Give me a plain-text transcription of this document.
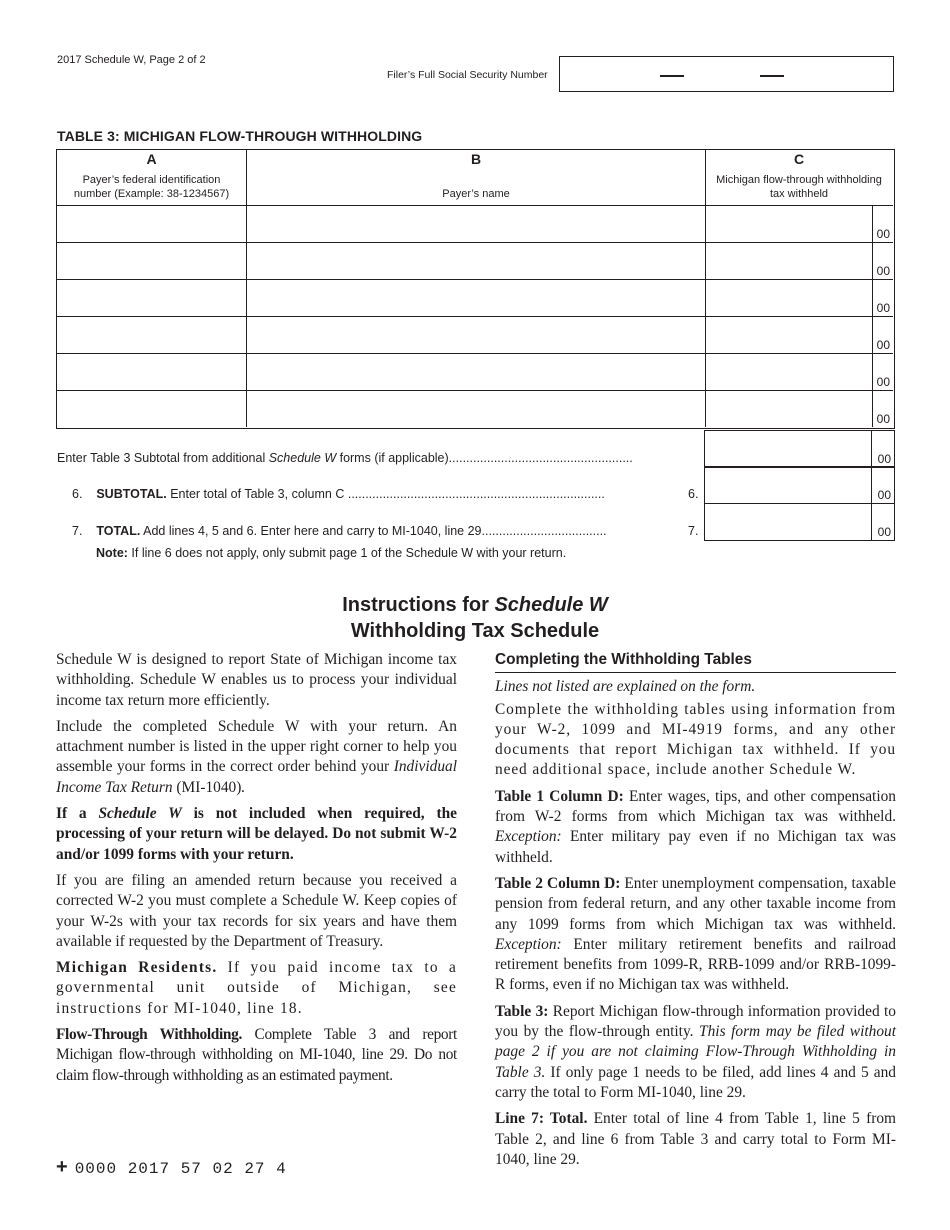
2017 Schedule W, Page 2 of 2
Filer’s Full Social Security Number
TABLE 3: MICHIGAN FLOW-THROUGH WITHHOLDING
A
Payer’s federal identification
number (Example: 38-1234567)
B
Payer’s name
C
Michigan flow-through withholding
tax withheld
00
00
00
00
00
00
00
00
00
Enter Table 3 Subtotal from additional Schedule W forms (if applicable).....................................................
6. SUBTOTAL. Enter total of Table 3, column C ..........................................................................	6.
7. TOTAL. Add lines 4, 5 and 6. Enter here and carry to MI-1040, line 29....................................	7.
Note: If line 6 does not apply, only submit page 1 of the Schedule W with your return.
Instructions for Schedule W
Withholding Tax Schedule

Schedule W is designed to report State of Michigan income tax withholding. Schedule W enables us to process your individual income tax return more efficiently.

Include the completed Schedule W with your return. An attachment number is listed in the upper right corner to help you assemble your forms in the correct order behind your Individual Income Tax Return (MI-1040).

If a Schedule W is not included when required, the processing of your return will be delayed. Do not submit W-2 and/or 1099 forms with your return.

If you are filing an amended return because you received a corrected W-2 you must complete a Schedule W. Keep copies of your W-2s with your tax records for six years and have them available if requested by the Department of Treasury.

Michigan Residents. If you paid income tax to a governmental unit outside of Michigan, see instructions for MI-1040, line 18.

Flow-Through Withholding. Complete Table 3 and report Michigan flow-through withholding on MI-1040, line 29. Do not claim flow-through withholding as an estimated payment.

Completing the Withholding Tables

Lines not listed are explained on the form.

Complete the withholding tables using information from your W-2, 1099 and MI-4919 forms, and any other documents that report Michigan tax withheld. If you need additional space, include another Schedule W.

Table 1 Column D: Enter wages, tips, and other compensation from W-2 forms from which Michigan tax was withheld. Exception: Enter military pay even if no Michigan tax was withheld.

Table 2 Column D: Enter unemployment compensation, taxable pension from federal return, and any other taxable income from any 1099 forms from which Michigan tax was withheld. Exception: Enter military retirement benefits and railroad retirement benefits from 1099-R, RRB-1099 and/or RRB-1099-R forms, even if no Michigan tax was withheld.

Table 3: Report Michigan flow-through information provided to you by the flow-through entity. This form may be filed without page 2 if you are not claiming Flow-Through Withholding in Table 3. If only page 1 needs to be filed, add lines 4 and 5 and carry the total to Form MI-1040, line 29.

Line 7: Total. Enter total of line 4 from Table 1, line 5 from Table 2, and line 6 from Table 3 and carry total to Form MI-1040, line 29.

+ 0000 2017 57 02 27 4
